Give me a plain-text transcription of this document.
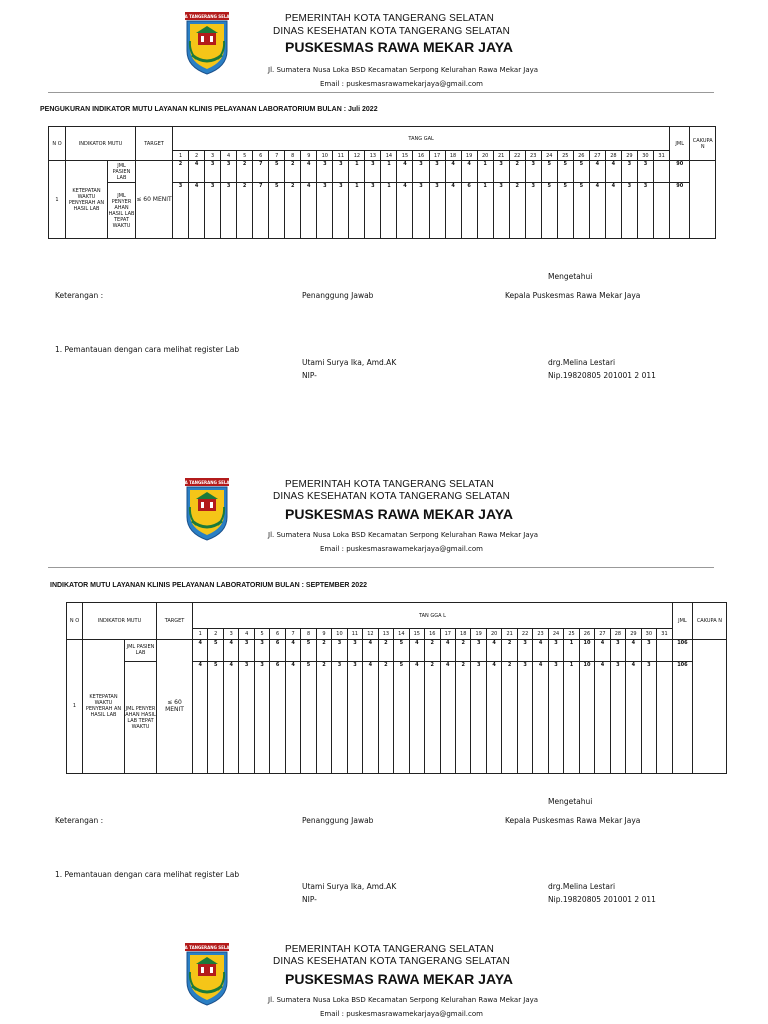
PEMERINTAH KOTA TANGERANG SELATAN
DINAS KESEHATAN KOTA TANGERANG SELATAN
PUSKESMAS RAWA MEKAR JAYA
Jl. Sumatera Nusa Loka BSD Kecamatan Serpong Kelurahan Rawa Mekar Jaya
Email : puskesmasrawamekarjaya@gmail.com
PENGUKURAN INDIKATOR MUTU LAYANAN KLINIS PELAYANAN LABORATORIUM BULAN : Juli 2022
N O	INDIKATOR MUTU		TARGET	TANG GAL																															JML	CAKUPA N
				1	2	3	4	5	6	7	8	9	10	11	12	13	14	15	16	17	18	19	20	21	22	23	24	25	26	27	28	29	30	31		
1	KETEPATAN WAKTU PENYERAH AN HASIL LAB	JML PASIEN LAB	≤ 60 MENIT	2	4	3	3	2	7	5	2	4	3	3	1	3	1	4	3	3	4	4	1	3	2	3	5	5	5	4	4	3	3		90	
		JML PENYER AHAN HASIL LAB TEPAT WAKTU		3	4	3	3	2	7	5	2	4	3	3	1	3	1	4	3	3	4	6	1	3	2	3	5	5	5	4	4	3	3		90	
Mengetahui
Keterangan :	Penanggung Jawab	Kepala Puskesmas Rawa Mekar Jaya
1. Pemantauan dengan cara melihat register Lab
Utami Surya Ika, Amd.AK
NIP-
drg.Melina Lestari
Nip.19820805 201001 2 011
PEMERINTAH KOTA TANGERANG SELATAN
DINAS KESEHATAN KOTA TANGERANG SELATAN
PUSKESMAS RAWA MEKAR JAYA
Jl. Sumatera Nusa Loka BSD Kecamatan Serpong Kelurahan Rawa Mekar Jaya
Email : puskesmasrawamekarjaya@gmail.com
INDIKATOR MUTU LAYANAN KLINIS PELAYANAN LABORATORIUM BULAN : SEPTEMBER 2022
N O	INDIKATOR MUTU		TARGET	TAN GGA L																															JML	CAKUPA N
				1	2	3	4	5	6	7	8	9	10	11	12	13	14	15	16	17	18	19	20	21	22	23	24	25	26	27	28	29	30	31		
1	KETEPATAN WAKTU PENYERAH AN HASIL LAB	JML PASIEN LAB	≤ 60 MENIT	4	5	4	3	3	6	4	5	2	3	3	4	2	5	4	2	4	2	3	4	2	3	4	3	1	10	4	3	4	3		106	
		JML PENYER AHAN HASIL LAB TEPAT WAKTU		4	5	4	3	3	6	4	5	2	3	3	4	2	5	4	2	4	2	3	4	2	3	4	3	1	10	4	3	4	3		106	
Mengetahui
Keterangan :	Penanggung Jawab	Kepala Puskesmas Rawa Mekar Jaya
1. Pemantauan dengan cara melihat register Lab
Utami Surya Ika, Amd.AK
NIP-
drg.Melina Lestari
Nip.19820805 201001 2 011
PEMERINTAH KOTA TANGERANG SELATAN
DINAS KESEHATAN KOTA TANGERANG SELATAN
PUSKESMAS RAWA MEKAR JAYA
Jl. Sumatera Nusa Loka BSD Kecamatan Serpong Kelurahan Rawa Mekar Jaya
Email : puskesmasrawamekarjaya@gmail.com
